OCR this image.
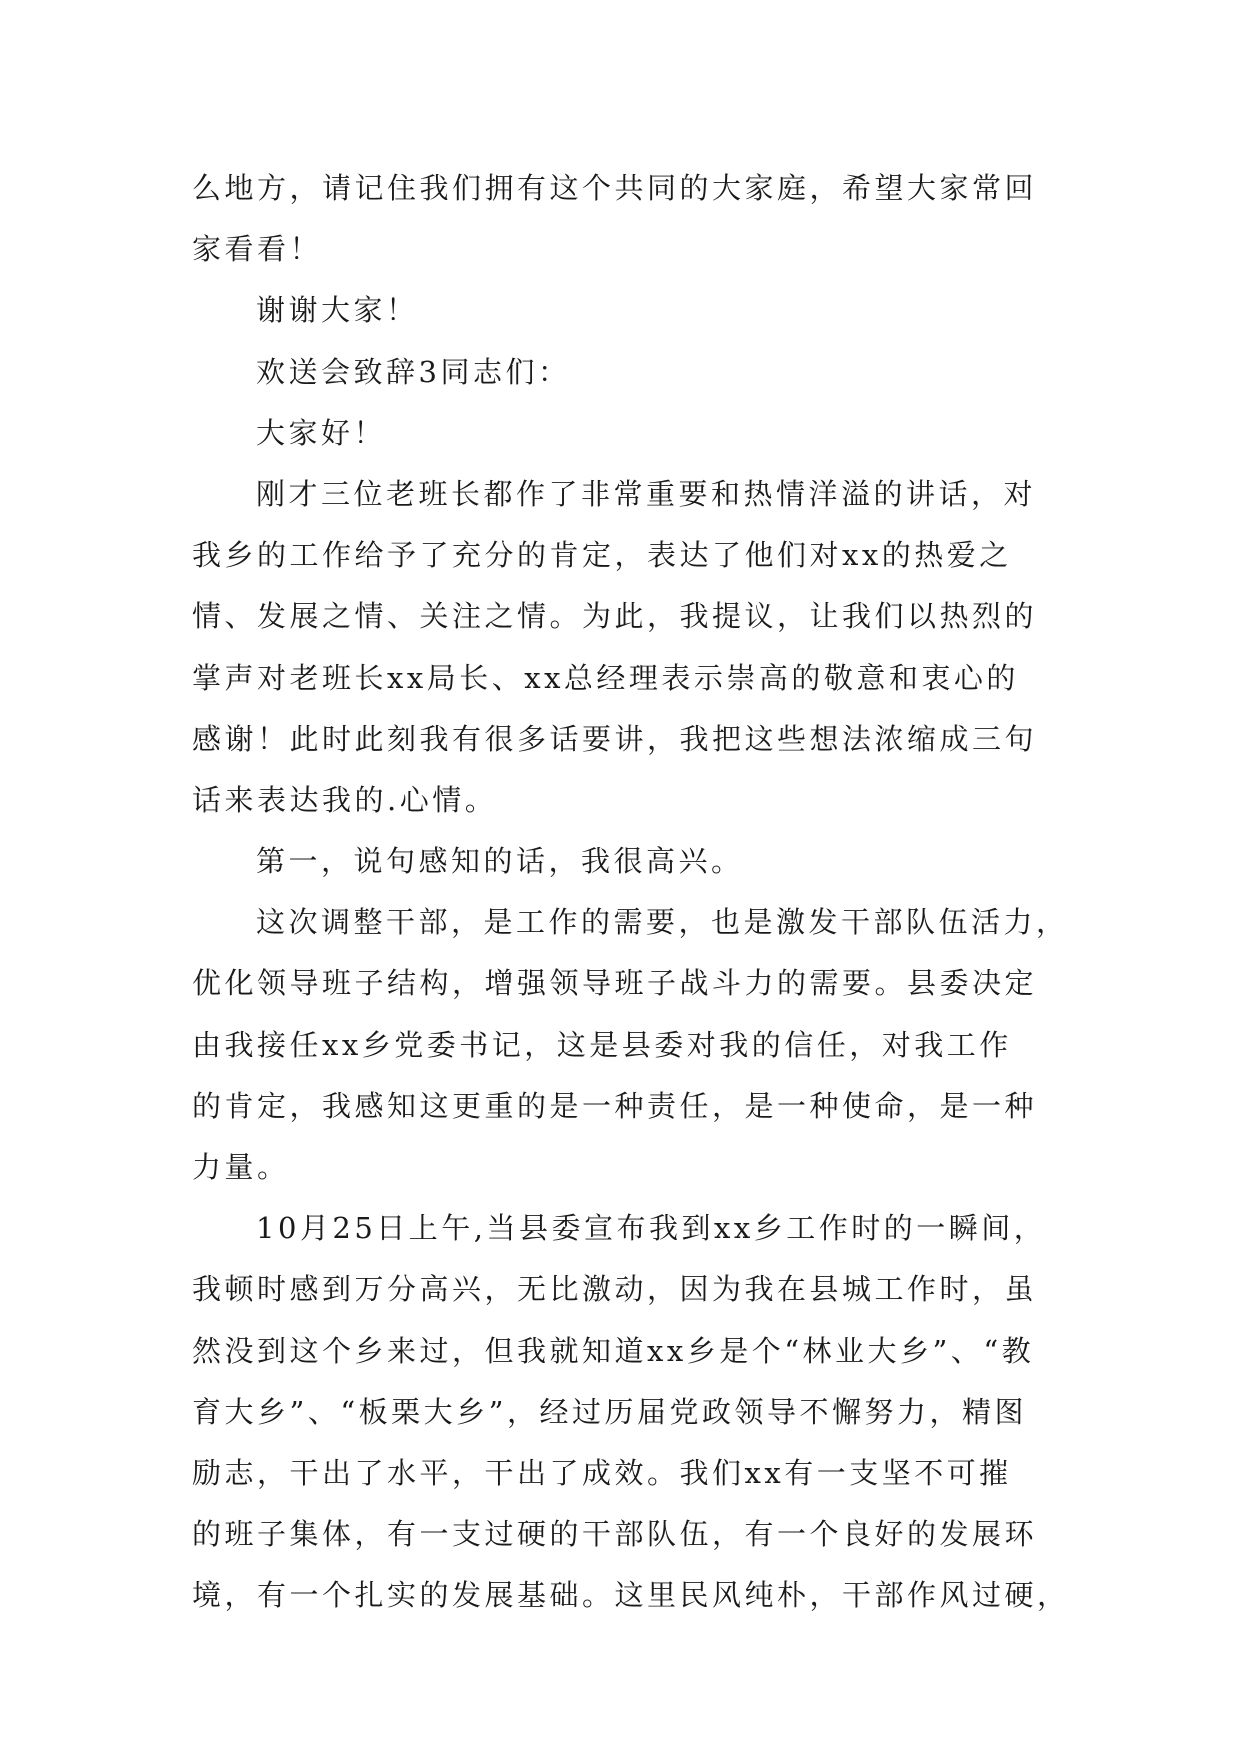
么地方，请记住我们拥有这个共同的大家庭，希望大家常回
家看看！
谢谢大家！
欢送会致辞3同志们：
大家好！
刚才三位老班长都作了非常重要和热情洋溢的讲话，对
我乡的工作给予了充分的肯定，表达了他们对xx的热爱之
情、发展之情、关注之情。为此，我提议，让我们以热烈的
掌声对老班长xx局长、xx总经理表示崇高的敬意和衷心的
感谢！此时此刻我有很多话要讲，我把这些想法浓缩成三句
话来表达我的.心情。
第一，说句感知的话，我很高兴。
这次调整干部，是工作的需要，也是激发干部队伍活力，
优化领导班子结构，增强领导班子战斗力的需要。县委决定
由我接任xx乡党委书记，这是县委对我的信任，对我工作
的肯定，我感知这更重的是一种责任，是一种使命，是一种
力量。
10月25日上午,当县委宣布我到xx乡工作时的一瞬间，
我顿时感到万分高兴，无比激动，因为我在县城工作时，虽
然没到这个乡来过，但我就知道xx乡是个“林业大乡”、“教
育大乡”、“板栗大乡”，经过历届党政领导不懈努力，精图
励志，干出了水平，干出了成效。我们xx有一支坚不可摧
的班子集体，有一支过硬的干部队伍，有一个良好的发展环
境，有一个扎实的发展基础。这里民风纯朴，干部作风过硬，
